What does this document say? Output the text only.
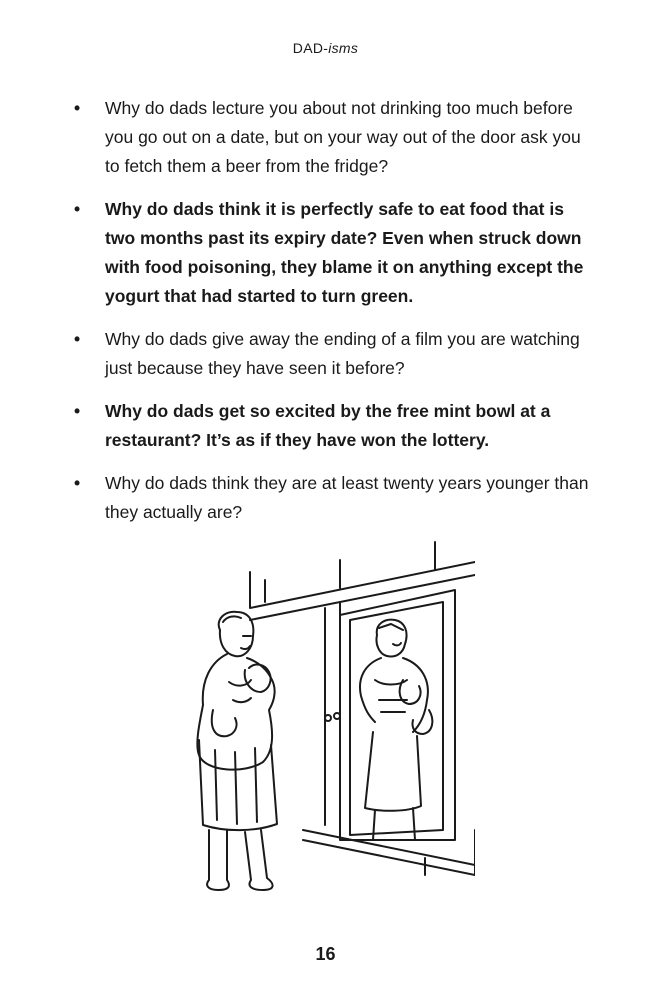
DAD-isms
• Why do dads lecture you about not drinking too much before you go out on a date, but on your way out of the door ask you to fetch them a beer from the fridge?
• Why do dads think it is perfectly safe to eat food that is two months past its expiry date? Even when struck down with food poisoning, they blame it on anything except the yogurt that had started to turn green.
• Why do dads give away the ending of a film you are watching just because they have seen it before?
• Why do dads get so excited by the free mint bowl at a restaurant? It’s as if they have won the lottery.
• Why do dads think they are at least twenty years younger than they actually are?
16
